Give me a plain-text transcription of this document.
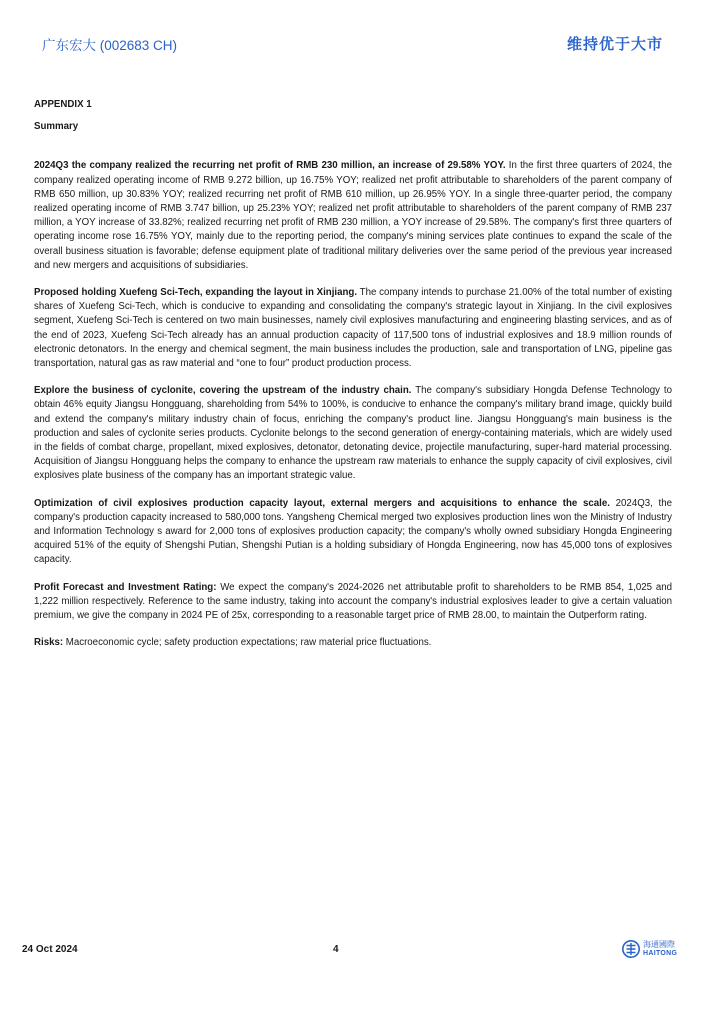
广东宏大 (002683 CH)	维持优于大市
APPENDIX 1
Summary

2024Q3 the company realized the recurring net profit of RMB 230 million, an increase of 29.58% YOY. In the first three quarters of 2024, the company realized operating income of RMB 9.272 billion, up 16.75% YOY; realized net profit attributable to shareholders of the parent company of RMB 650 million, up 30.83% YOY; realized recurring net profit of RMB 610 million, up 26.95% YOY. In a single three-quarter period, the company realized operating income of RMB 3.747 billion, up 25.23% YOY; realized net profit attributable to shareholders of the parent company of RMB 237 million, a YOY increase of 33.82%; realized recurring net profit of RMB 230 million, a YOY increase of 29.58%. The company's first three quarters of operating income rose 16.75% YOY, mainly due to the reporting period, the company's mining services plate continues to expand the scale of the overall business situation is favorable; defense equipment plate of traditional military deliveries over the same period of the previous year increased and new mergers and acquisitions of subsidiaries.

Proposed holding Xuefeng Sci-Tech, expanding the layout in Xinjiang. The company intends to purchase 21.00% of the total number of existing shares of Xuefeng Sci-Tech, which is conducive to expanding and consolidating the company's strategic layout in Xinjiang. In the civil explosives segment, Xuefeng Sci-Tech is centered on two main businesses, namely civil explosives manufacturing and engineering blasting services, and as of the end of 2023, Xuefeng Sci-Tech already has an annual production capacity of 117,500 tons of industrial explosives and 18.9 million rounds of electronic detonators. In the energy and chemical segment, the main business includes the production, sale and transportation of LNG, pipeline gas transportation, natural gas as raw material and “one to four” product production process.

Explore the business of cyclonite, covering the upstream of the industry chain. The company's subsidiary Hongda Defense Technology to obtain 46% equity Jiangsu Hongguang, shareholding from 54% to 100%, is conducive to enhance the company's military brand image, quickly build and extend the company's military industry chain of focus, enriching the company's product line. Jiangsu Hongguang's main business is the production and sales of cyclonite series products. Cyclonite belongs to the second generation of energy-containing materials, which are widely used in the fields of combat charge, propellant, mixed explosives, detonator, detonating device, projectile manufacturing, super-hard material processing. Acquisition of Jiangsu Hongguang helps the company to enhance the upstream raw materials to enhance the supply capacity of civil explosives, civil explosives plate business of the company has an important strategic value.

Optimization of civil explosives production capacity layout, external mergers and acquisitions to enhance the scale. 2024Q3, the company's production capacity increased to 580,000 tons. Yangsheng Chemical merged two explosives production lines won the Ministry of Industry and Information Technology s award for 2,000 tons of explosives production capacity; the company's wholly owned subsidiary Hongda Engineering acquired 51% of the equity of Shengshi Putian, Shengshi Putian is a holding subsidiary of Hongda Engineering, now has 45,000 tons of explosives capacity.

Profit Forecast and Investment Rating: We expect the company's 2024-2026 net attributable profit to shareholders to be RMB 854, 1,025 and 1,222 million respectively. Reference to the same industry, taking into account the company's industrial explosives leader to give a certain valuation premium, we give the company in 2024 PE of 25x, corresponding to a reasonable target price of RMB 28.00, to maintain the Outperform rating.

Risks: Macroeconomic cycle; safety production expectations; raw material price fluctuations.

24 Oct 2024	4	海通國際
HAITONG
